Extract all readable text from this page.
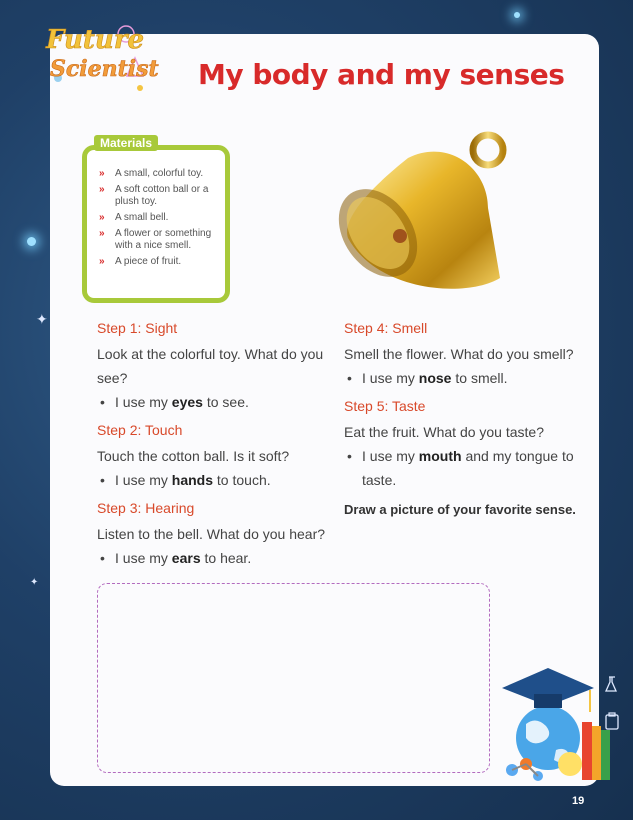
✦
✦
Future
Scientist My body and my senses
» A small, colorful toy.
» A soft cotton ball or a plush toy.
» A small bell.
» A flower or something with a nice smell.
» A piece of fruit.
Materials
Step 1: Sight
Look at the colorful toy. What do you see?
• I use my eyes to see.
Step 2: Touch
Touch the cotton ball. Is it soft?
• I use my hands to touch.
Step 3: Hearing
Listen to the bell. What do you hear?
• I use my ears to hear.
Step 4: Smell
Smell the flower. What do you smell?
• I use my nose to smell.
Step 5: Taste
Eat the fruit. What do you taste?
• I use my mouth and my tongue to taste.
Draw a picture of your favorite sense.
19
